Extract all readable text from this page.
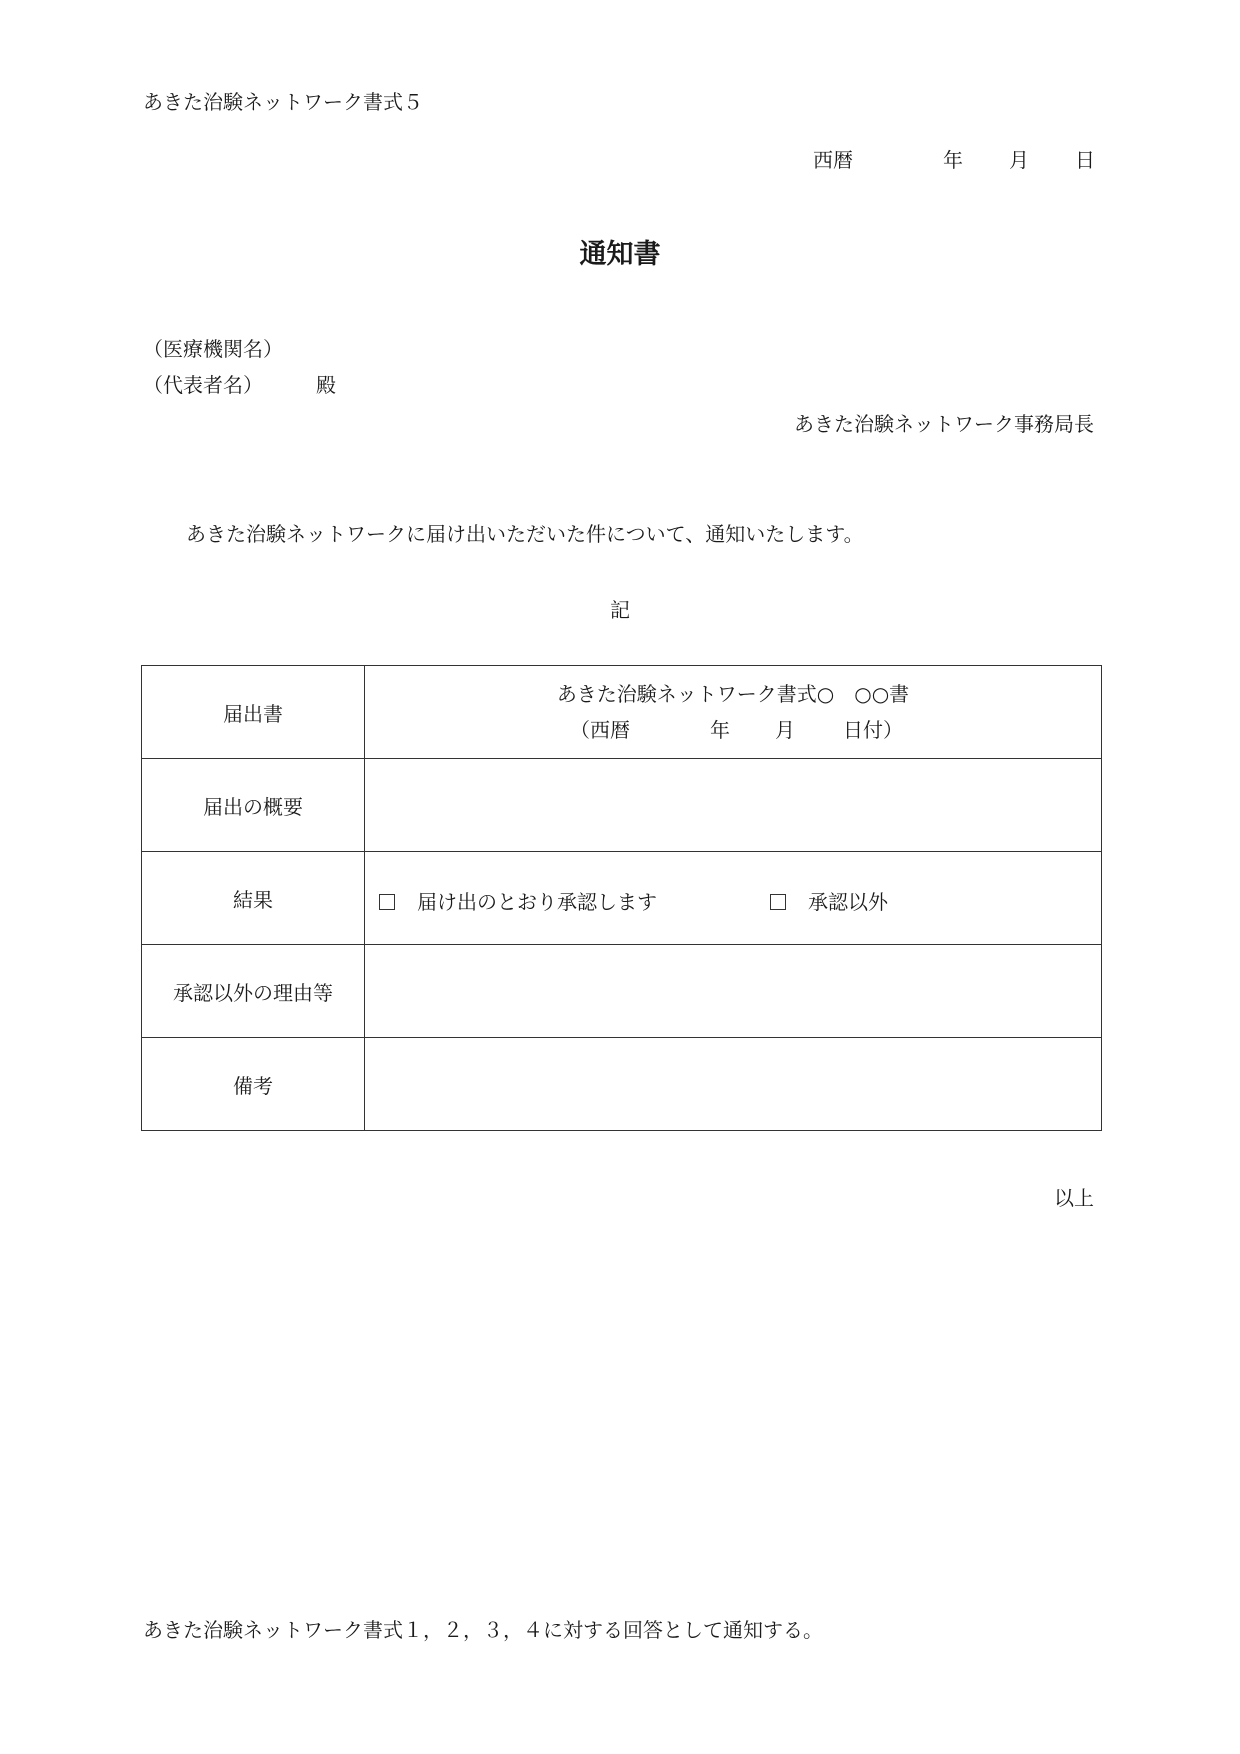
あきた治験ネットワーク書式５
西暦	年 月 日
通知書
（医療機関名）
（代表者名）	殿
あきた治験ネットワーク事務局長
あきた治験ネットワークに届け出いただいた件について、通知いたします。
記
届出書	あきた治験ネットワーク書式○　○○書
（西暦 年 月 日付）

届出の概要	
結果	届け出のとおり承認します 承認以外

承認以外の理由等	
備考	
以上
あきた治験ネットワーク書式１，２，３，４に対する回答として通知する。
